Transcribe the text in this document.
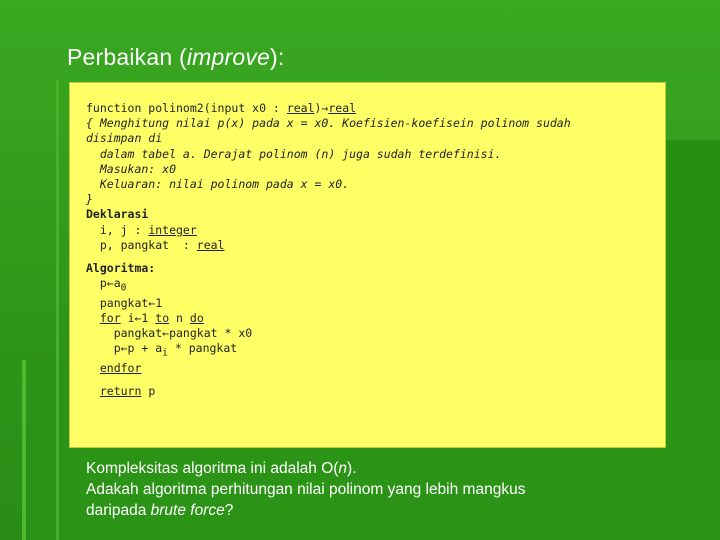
Perbaikan (improve):
function polinom2(input x0 : real)→real
{ Menghitung nilai p(x) pada x = x0. Koefisien-koefisein polinom sudah
disimpan di
dalam tabel a. Derajat polinom (n) juga sudah terdefinisi.
Masukan: x0
Keluaran: nilai polinom pada x = x0.
}
Deklarasi
i, j : integer
p, pangkat  : real

Algoritma:
$p\leftarrow a_0$
pangkat←1
for i←1 to n do
pangkat←pangkat * x0
p←p + $a_i$ * pangkat
endfor

return p
Kompleksitas algoritma ini adalah O(n).
Adakah algoritma perhitungan nilai polinom yang lebih mangkus
daripada brute force?
